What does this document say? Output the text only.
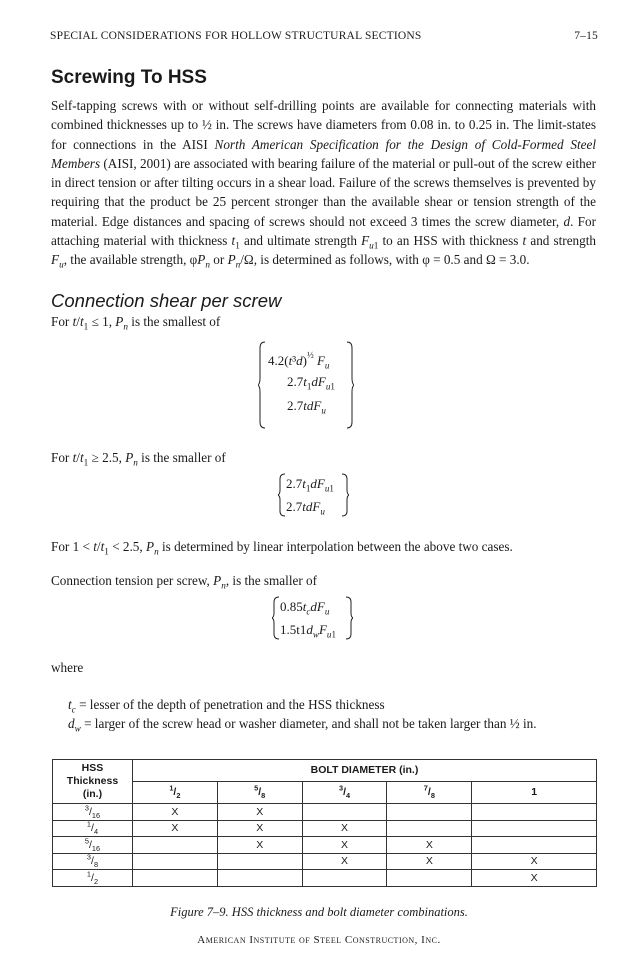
SPECIAL CONSIDERATIONS FOR HOLLOW STRUCTURAL SECTIONS	7–15
Screwing To HSS

Self-tapping screws with or without self-drilling points are available for connecting materials with combined thicknesses up to ½ in. The screws have diameters from 0.08 in. to 0.25 in. The limit-states for connections in the AISI North American Specification for the Design of Cold-Formed Steel Members (AISI, 2001) are associated with bearing failure of the material or pull-out of the screw either in direct tension or after tilting occurs in a shear load. Failure of the screws themselves is prevented by requiring that the product be 25 percent stronger than the available shear or tension strength of the material. Edge distances and spacing of screws should not exceed 3 times the screw diameter, d. For attaching material with thickness $t_1$ and ultimate strength $F_{u1}$ to an HSS with thickness t and strength $F_u$, the available strength, $\varphi P_n$ or $P_n/\Omega$, is determined as follows, with φ = 0.5 and Ω = 3.0.

Connection shear per screw
For $t/t_1 \le 1$, $P_n$ is the smallest of
$4.2(t^3d)^{\frac{1}{2}}$ $F_u$
$2.7t_1dF_{u1}$
2.7tdF$_u$
For $t/t_1 \ge 2.5$, $P_n$ is the smaller of
$2.7t_1dF_{u1}$
2.7tdF$_u$
For $1 < t/t_1 < 2.5$, $P_n$ is determined by linear interpolation between the above two cases.
Connection tension per screw, $P_n$, is the smaller of
$0.85t_cdF_u$
$1.5t1d_wF_{u1}$
where
$t_c$ = lesser of the depth of penetration and the HSS thickness
$d_w$ = larger of the screw head or washer diameter, and shall not be taken larger than ½ in.
HSS Thickness (in.)	BOLT DIAMETER (in.)				
	$^1/_2$	$^5/_8$	$^3/_4$	$^7/_8$	1
$^3/_{16}$	X	X			
$^1/_4$	X	X	X		
$^5/_{16}$		X	X	X	
$^3/_8$			X	X	X
$^1/_2$					X
Figure 7–9. HSS thickness and bolt diameter combinations.
American Institute of Steel Construction, Inc.
